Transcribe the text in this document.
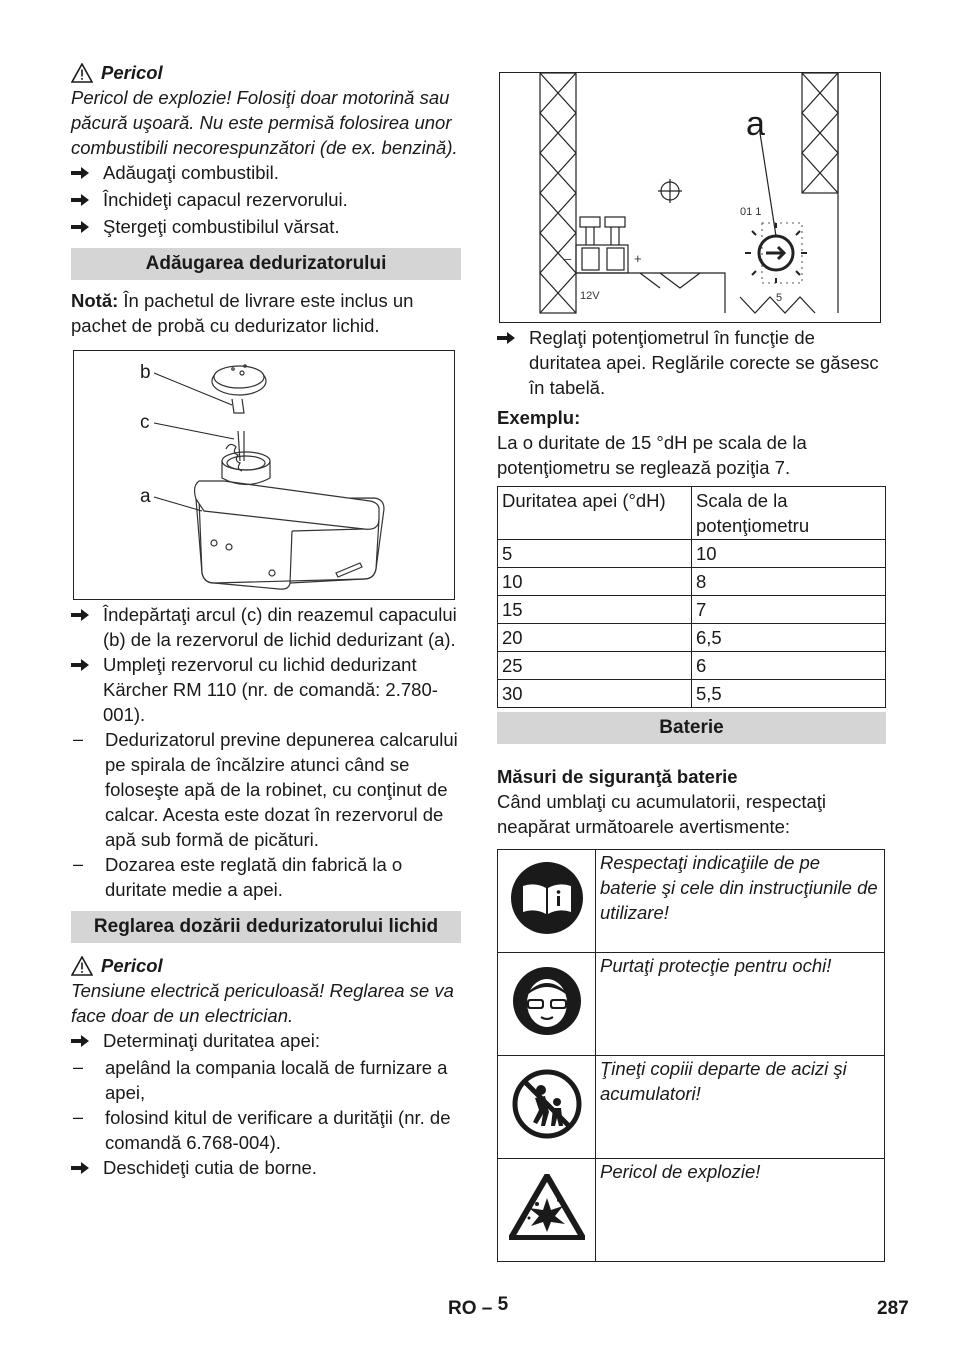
Pericol

Pericol de explozie! Folosiţi doar motorină sau păcură uşoară. Nu este permisă folosirea unor combustibili necorespunzători (de ex. benzină).

Adăugaţi combustibil.
Închideţi capacul rezervorului.
Ştergeţi combustibilul vărsat.
Adăugarea dedurizatorului

Notă: În pachetul de livrare este inclus un pachet de probă cu dedurizator lichid.

b
c
a
Îndepărtaţi arcul (c) din reazemul capacului (b) de la rezervorul de lichid dedurizant (a).
Umpleţi rezervorul cu lichid dedurizant Kärcher RM 110 (nr. de comandă: 2.780-001).
–	Dedurizatorul previne depunerea calcarului pe spirala de încălzire atunci când se foloseşte apă de la robinet, cu conţinut de calcar. Acesta este dozat în rezervorul de apă sub formă de picături.
–	Dozarea este reglată din fabrică la o duritate medie a apei.
Reglarea dozării dedurizatorului lichid
Pericol

Tensiune electrică periculoasă! Reglarea se va face doar de un electrician.

Determinaţi duritatea apei:
–	apelând la compania locală de furnizare a apei,
–	folosind kitul de verificare a durităţii (nr. de comandă 6.768-004).
Deschideţi cutia de borne.
a
01 1
5
12V
–	+
Reglaţi potenţiometrul în funcţie de duritatea apei. Reglările corecte se găsesc în tabelă.

Exemplu:

La o duritate de 15 °dH pe scala de la potenţiometru se reglează poziţia 7.

Duritatea apei (°dH)	Scala de la potenţiometru
5	10
10	8
15	7
20	6,5
25	6
30	5,5
Baterie

Măsuri de siguranţă baterie

Când umblaţi cu acumulatorii, respectaţi neapărat următoarele avertismente:

	Respectaţi indicaţiile de pe baterie şi cele din instrucţiunile de utilizare!
	Purtaţi protecţie pentru ochi!
	Ţineţi copiii departe de acizi şi acumulatori!
	Pericol de explozie!
RO – 5	287
